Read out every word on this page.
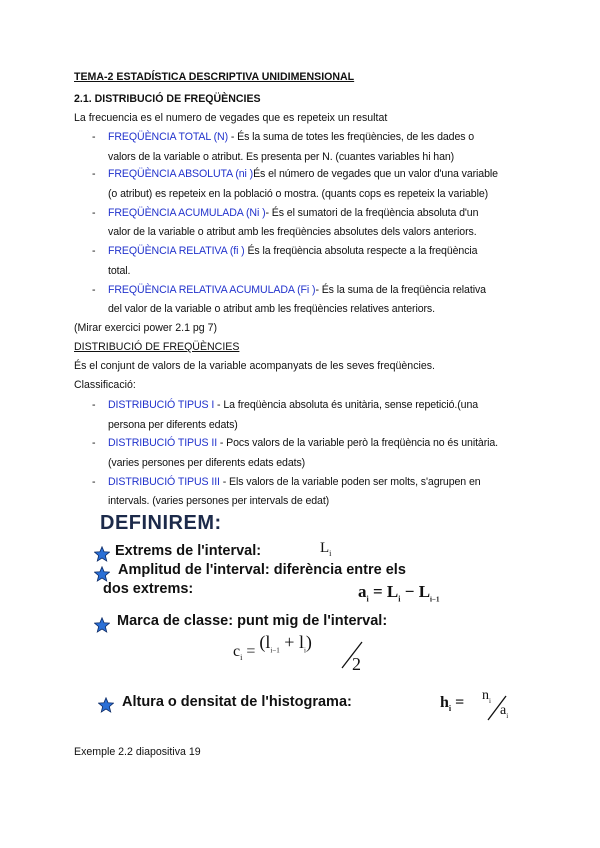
TEMA-2 ESTADÍSTICA DESCRIPTIVA UNIDIMENSIONAL
2.1. DISTRIBUCIÓ DE FREQÜÈNCIES
La frecuencia es el numero de vegades que es repeteix un resultat
- FREQÜÈNCIA TOTAL (N) - És la suma de totes les freqüències, de les dades o
valors de la variable o atribut. Es presenta per N. (cuantes variables hi han)
- FREQÜÈNCIA ABSOLUTA (ni )És el número de vegades que un valor d'una variable
(o atribut) es repeteix en la població o mostra. (quants cops es repeteix la variable)
- FREQÜÈNCIA ACUMULADA (Ni )- És el sumatori de la freqüència absoluta d'un
valor de la variable o atribut amb les freqüències absolutes dels valors anteriors.
- FREQÜÈNCIA RELATIVA (fi ) És la freqüència absoluta respecte a la freqüència
total.
- FREQÜÈNCIA RELATIVA ACUMULADA (Fi )- És la suma de la freqüència relativa
del valor de la variable o atribut amb les freqüències relatives anteriors.
(Mirar exercici power 2.1 pg 7)
DISTRIBUCIÓ DE FREQÜÈNCIES
És el conjunt de valors de la variable acompanyats de les seves freqüències.
Classificació:
- DISTRIBUCIÓ TIPUS I - La freqüència absoluta és unitària, sense repetició.(una
persona per diferents edats)
- DISTRIBUCIÓ TIPUS II - Pocs valors de la variable però la freqüència no és unitària.
(varies persones per diferents edats edats)
- DISTRIBUCIÓ TIPUS III - Els valors de la variable poden ser molts, s'agrupen en
intervals. (varies persones per intervals de edat)
DEFINIREM:
Extrems de l'interval:	$L_i$
Amplitud de l'interval: diferència entre els
dos extrems:	$a_i = L_i - L_{i-1}$
Marca de classe: punt mig de l'interval:
$c_i = (l_{i-1} + l_i)$
2
Altura o densitat de l'histograma:	$h_i = n_i$
$a_i$
Exemple 2.2 diapositiva 19
